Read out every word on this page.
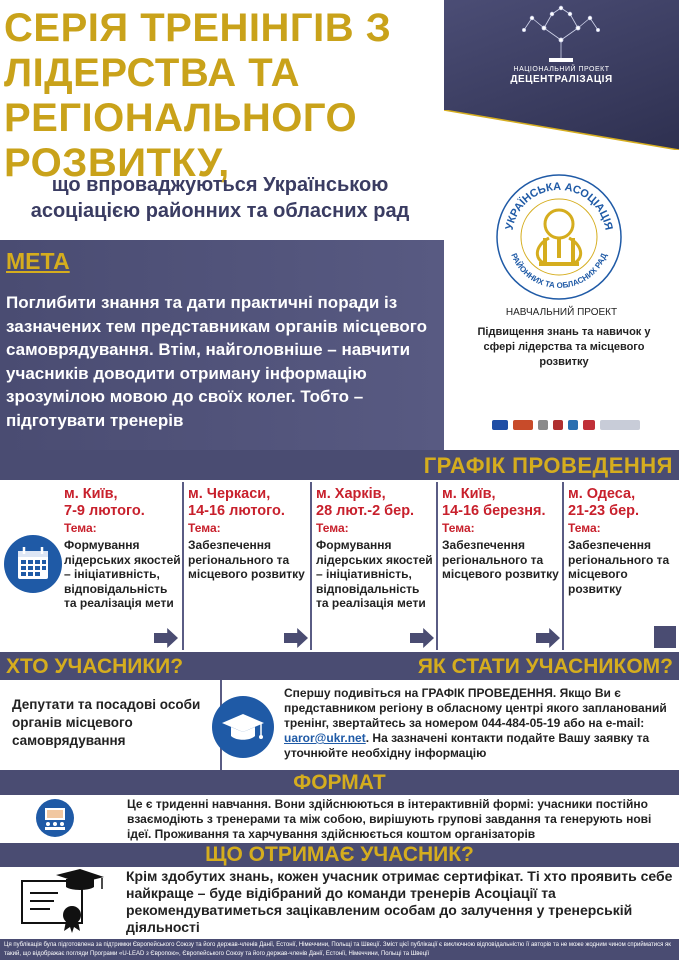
СЕРІЯ ТРЕНІНГІВ З ЛІДЕРСТВА ТА РЕГІОНАЛЬНОГО РОЗВИТКУ,
що впроваджуються Українською асоціацією районних та обласних рад
НАЦІОНАЛЬНИЙ ПРОЕКТ
ДЕЦЕНТРАЛІЗАЦІЯ
УКРАЇНСЬКА АСОЦІАЦІЯ
РАЙОННИХ ТА ОБЛАСНИХ РАД
НАВЧАЛЬНИЙ ПРОЕКТ
Підвищення знань та навичок у сфері лідерства та місцевого розвитку
МЕТА
Поглибити знання та дати практичні поради із зазначених тем представникам органів місцевого самоврядування. Втім, найголовніше – навчити учасників доводити отриману інформацію зрозумілою мовою до своїх колег. Тобто – підготувати тренерів
ГРАФІК ПРОВЕДЕННЯ
м. Київ,
7-9 лютого.
Тема:
Формування лідерських якостей – ініціативність, відповідальність та реалізація мети
м. Черкаси,
14-16 лютого.
Тема:
Забезпечення регіонального та місцевого розвитку
м. Харків,
28 лют.-2 бер.
Тема:
Формування лідерських якостей – ініціативність, відповідальність та реалізація мети
м. Київ,
14-16 березня.
Тема:
Забезпечення регіонального та місцевого розвитку
м. Одеса,
21-23 бер.
Тема:
Забезпечення регіонального та місцевого розвитку
ХТО УЧАСНИКИ?	ЯК СТАТИ УЧАСНИКОМ?
Депутати та посадові особи органів місцевого самоврядування
Спершу подивіться на ГРАФІК ПРОВЕДЕННЯ. Якщо Ви є представником регіону в обласному центрі якого запланований тренінг, звертайтесь за номером 044-484-05-19 або на e-mail: uaror@ukr.net. На зазначені контакти подайте Вашу заявку та уточнюйте необхідну інформацію
ФОРМАТ
Це є триденні навчання. Вони здійснюються в інтерактивній формі: учасники постійно взаємодіють з тренерами та між собою, вирішують групові завдання та генерують нові ідеї. Проживання та харчування здійснюється коштом організаторів
ЩО ОТРИМАЄ УЧАСНИК?
Крім здобутих знань, кожен учасник отримає сертифікат. Ті хто проявить себе найкраще – буде відібраний до команди тренерів Асоціації та рекомендуватиметься зацікавленим особам до залучення у тренерській діяльності
Ця публікація була підготовлена за підтримки Європейського Союзу та його держав-членів Данії, Естонії, Німеччини, Польщі та Швеції. Зміст цієї публікації є виключною відповідальністю її авторів та не може жодним чином сприйматися як такий, що відображає погляди Програми «U-LEAD з Європою», Європейського Союзу та його держав-членів Данії, Естонії, Німеччини, Польщі та Швеції
